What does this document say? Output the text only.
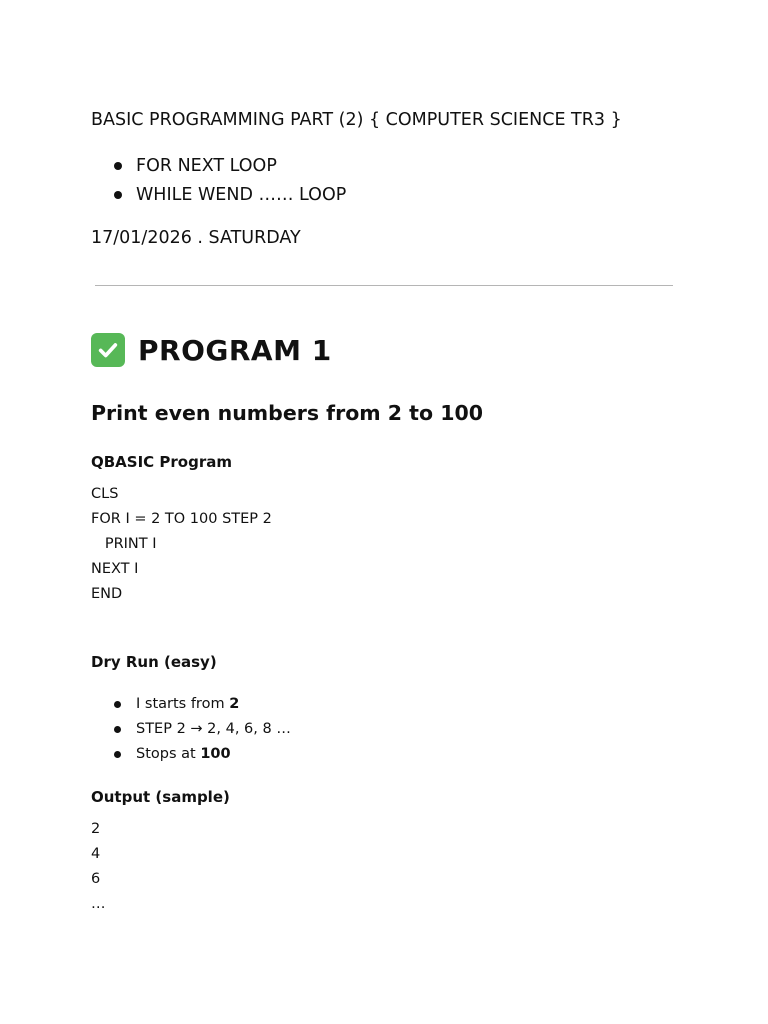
BASIC PROGRAMMING PART (2) { COMPUTER SCIENCE TR3 }
FOR NEXT LOOP
WHILE WEND …… LOOP
17/01/2026 . SATURDAY
PROGRAM 1
Print even numbers from 2 to 100
QBASIC Program
CLS
FOR I = 2 TO 100 STEP 2
PRINT I
NEXT I
END
Dry Run (easy)
I starts from 2
STEP 2 → 2, 4, 6, 8 …
Stops at 100
Output (sample)
2
4
6
…
